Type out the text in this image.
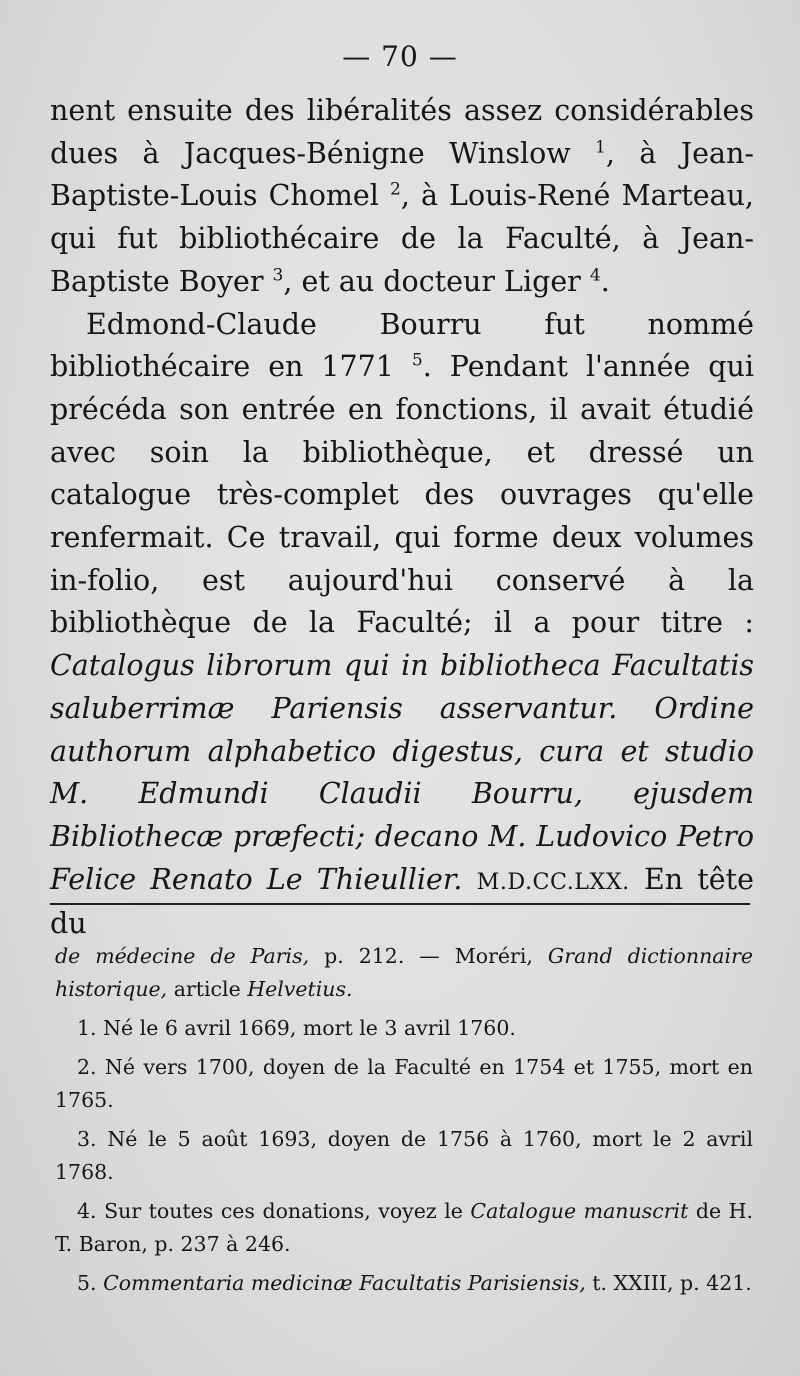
— 70 —

nent ensuite des libéralités assez considérables dues à Jacques-Bénigne Winslow $^1$, à Jean-Baptiste-Louis Chomel $^2$, à Louis-René Marteau, qui fut bibliothécaire de la Faculté, à Jean-Baptiste Boyer $^3$, et au docteur Liger $^4$.

Edmond-Claude Bourru fut nommé bibliothécaire en 1771 $^5$. Pendant l'année qui précéda son entrée en fonctions, il avait étudié avec soin la bibliothèque, et dressé un catalogue très-complet des ouvrages qu'elle renfermait. Ce travail, qui forme deux volumes in-folio, est aujourd'hui conservé à la bibliothèque de la Faculté; il a pour titre : Catalogus librorum qui in bibliotheca Facultatis saluberrimæ Pariensis asservantur. Ordine authorum alphabetico digestus, cura et studio M. Edmundi Claudii Bourru, ejusdem Bibliothecæ præfecti; decano M. Ludovico Petro Felice Renato Le Thieullier. M.D.CC.LXX. En tête du

de médecine de Paris, p. 212. — Moréri, Grand dictionnaire historique, article Helvetius.

1. Né le 6 avril 1669, mort le 3 avril 1760.

2. Né vers 1700, doyen de la Faculté en 1754 et 1755, mort en 1765.

3. Né le 5 août 1693, doyen de 1756 à 1760, mort le 2 avril 1768.

4. Sur toutes ces donations, voyez le Catalogue manuscrit de H. T. Baron, p. 237 à 246.

5. Commentaria medicinæ Facultatis Parisiensis, t. XXIII, p. 421.
